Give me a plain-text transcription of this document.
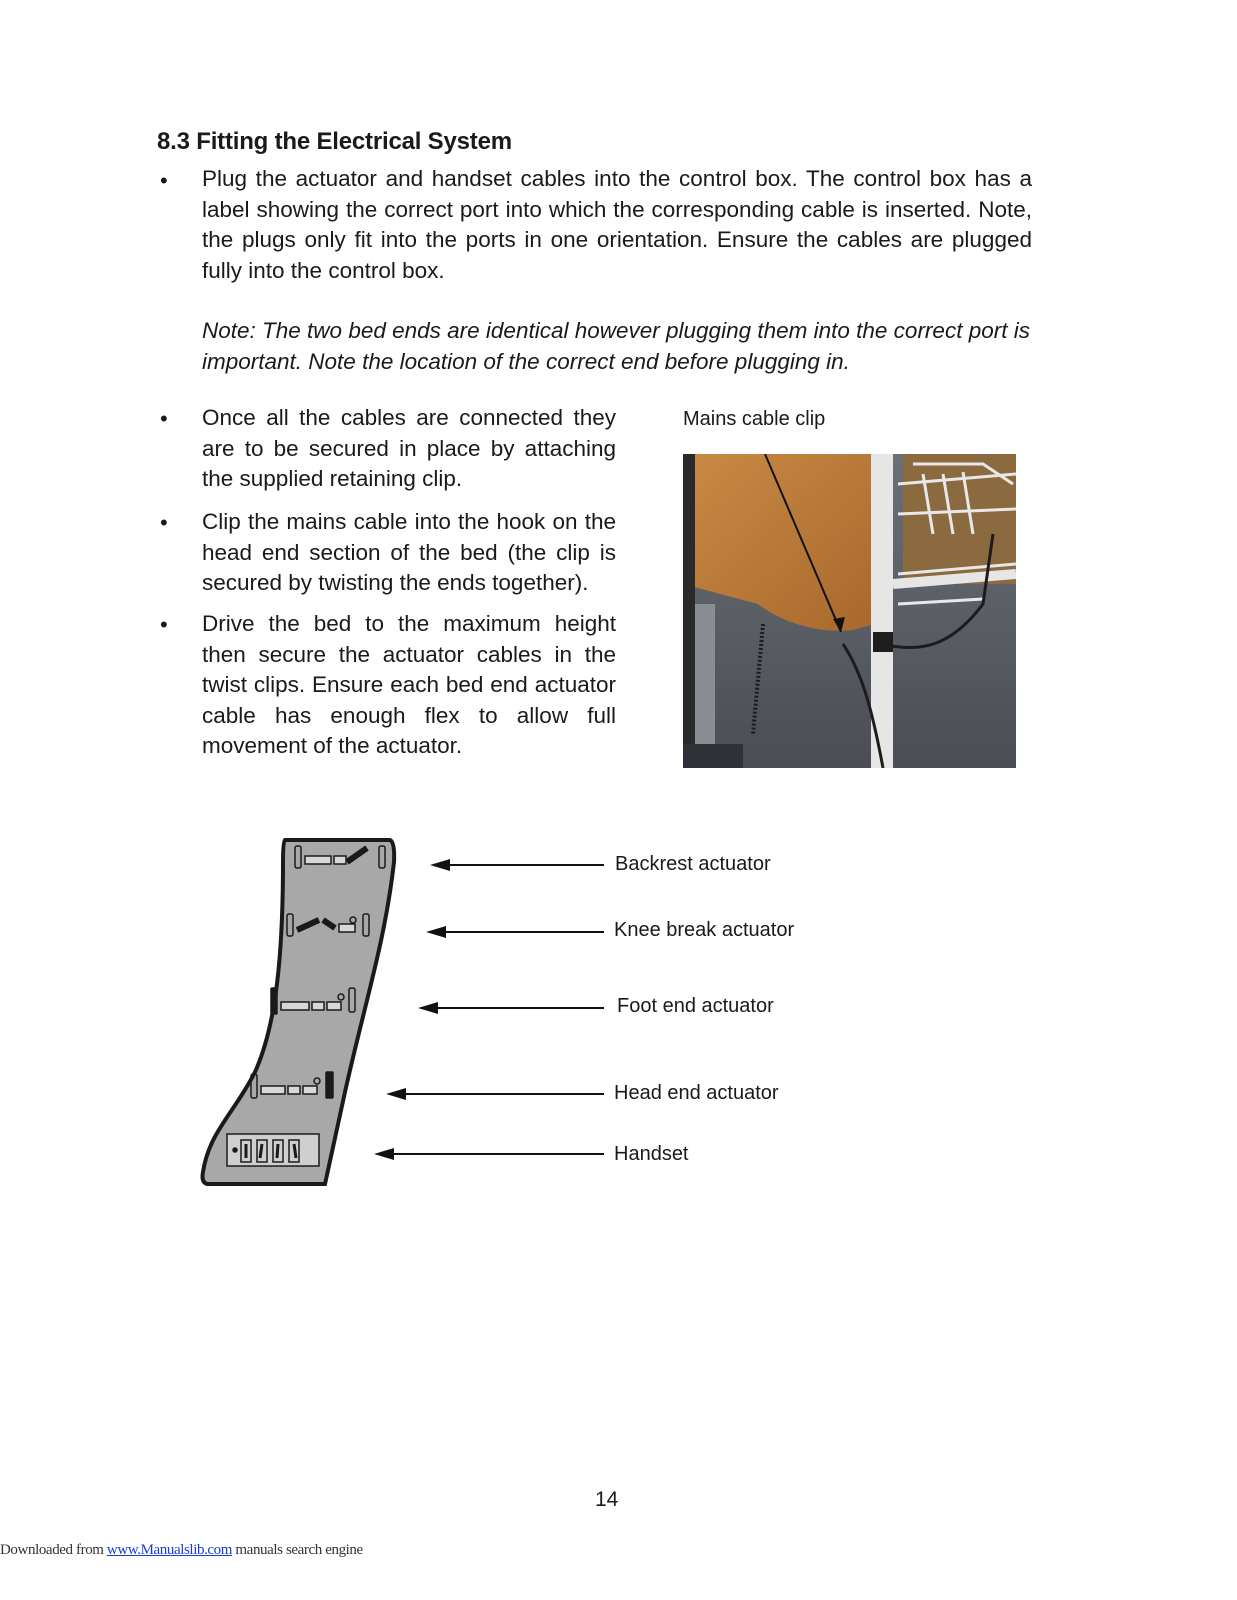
8.3 Fitting the Electrical System
• Plug the actuator and handset cables into the control box. The control box has a label showing the correct port into which the corresponding cable is inserted. Note, the plugs only fit into the ports in one orientation. Ensure the cables are plugged fully into the control box.

Note: The two bed ends are identical however plugging them into the correct port is important. Note the location of the correct end before plugging in.

• Once all the cables are connected they are to be secured in place by attaching the supplied retaining clip.

• Clip the mains cable into the hook on the head end section of the bed (the clip is secured by twisting the ends together).

• Drive the bed to the maximum height then secure the actuator cables in the twist clips. Ensure each bed end actuator cable has enough flex to allow full movement of the actuator.

Mains cable clip
Backrest actuator
Knee break actuator
Foot end actuator
Head end actuator
Handset
14
Downloaded from www.Manualslib.com manuals search engine
